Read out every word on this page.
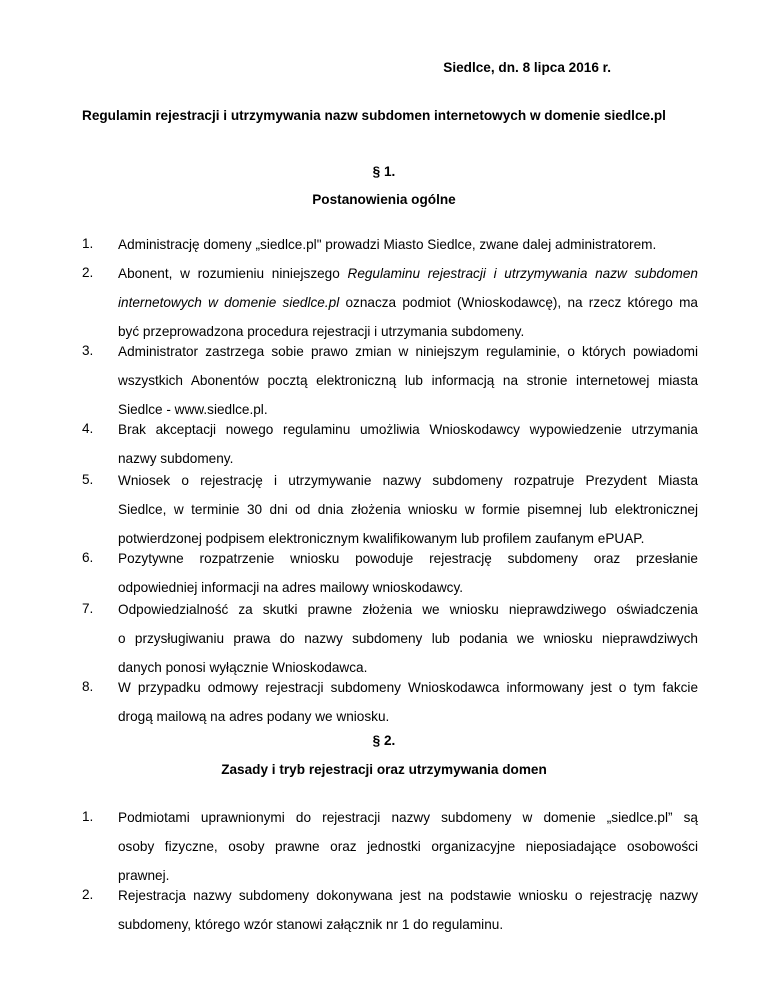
Siedlce, dn. 8 lipca 2016 r.
Regulamin rejestracji i utrzymywania nazw subdomen internetowych w domenie siedlce.pl
§ 1.
Postanowienia ogólne
1.	Administrację domeny „siedlce.pl" prowadzi Miasto Siedlce, zwane dalej administratorem.
2.	Abonent, w rozumieniu niniejszego Regulaminu rejestracji i utrzymywania nazw subdomen
internetowych w domenie siedlce.pl oznacza podmiot (Wnioskodawcę), na rzecz którego ma
być przeprowadzona procedura rejestracji i utrzymania subdomeny.
3.	Administrator zastrzega sobie prawo zmian w niniejszym regulaminie, o których powiadomi
wszystkich Abonentów pocztą elektroniczną lub informacją na stronie internetowej miasta
Siedlce - www.siedlce.pl.
4.	Brak akceptacji nowego regulaminu umożliwia Wnioskodawcy wypowiedzenie utrzymania
nazwy subdomeny.
5.	Wniosek o rejestrację i utrzymywanie nazwy subdomeny rozpatruje Prezydent Miasta
Siedlce, w terminie 30 dni od dnia złożenia wniosku w formie pisemnej lub elektronicznej
potwierdzonej podpisem elektronicznym kwalifikowanym lub profilem zaufanym ePUAP.
6.	Pozytywne rozpatrzenie wniosku powoduje rejestrację subdomeny oraz przesłanie
odpowiedniej informacji na adres mailowy wnioskodawcy.
7.	Odpowiedzialność za skutki prawne złożenia we wniosku nieprawdziwego oświadczenia
o przysługiwaniu prawa do nazwy subdomeny lub podania we wniosku nieprawdziwych
danych ponosi wyłącznie Wnioskodawca.
8.	W przypadku odmowy rejestracji subdomeny Wnioskodawca informowany jest o tym fakcie
drogą mailową na adres podany we wniosku.
§ 2.
Zasady i tryb rejestracji oraz utrzymywania domen
1.	Podmiotami uprawnionymi do rejestracji nazwy subdomeny w domenie „siedlce.pl” są
osoby fizyczne, osoby prawne oraz jednostki organizacyjne nieposiadające osobowości
prawnej.
2.	Rejestracja nazwy subdomeny dokonywana jest na podstawie wniosku o rejestrację nazwy
subdomeny, którego wzór stanowi załącznik nr 1 do regulaminu.
